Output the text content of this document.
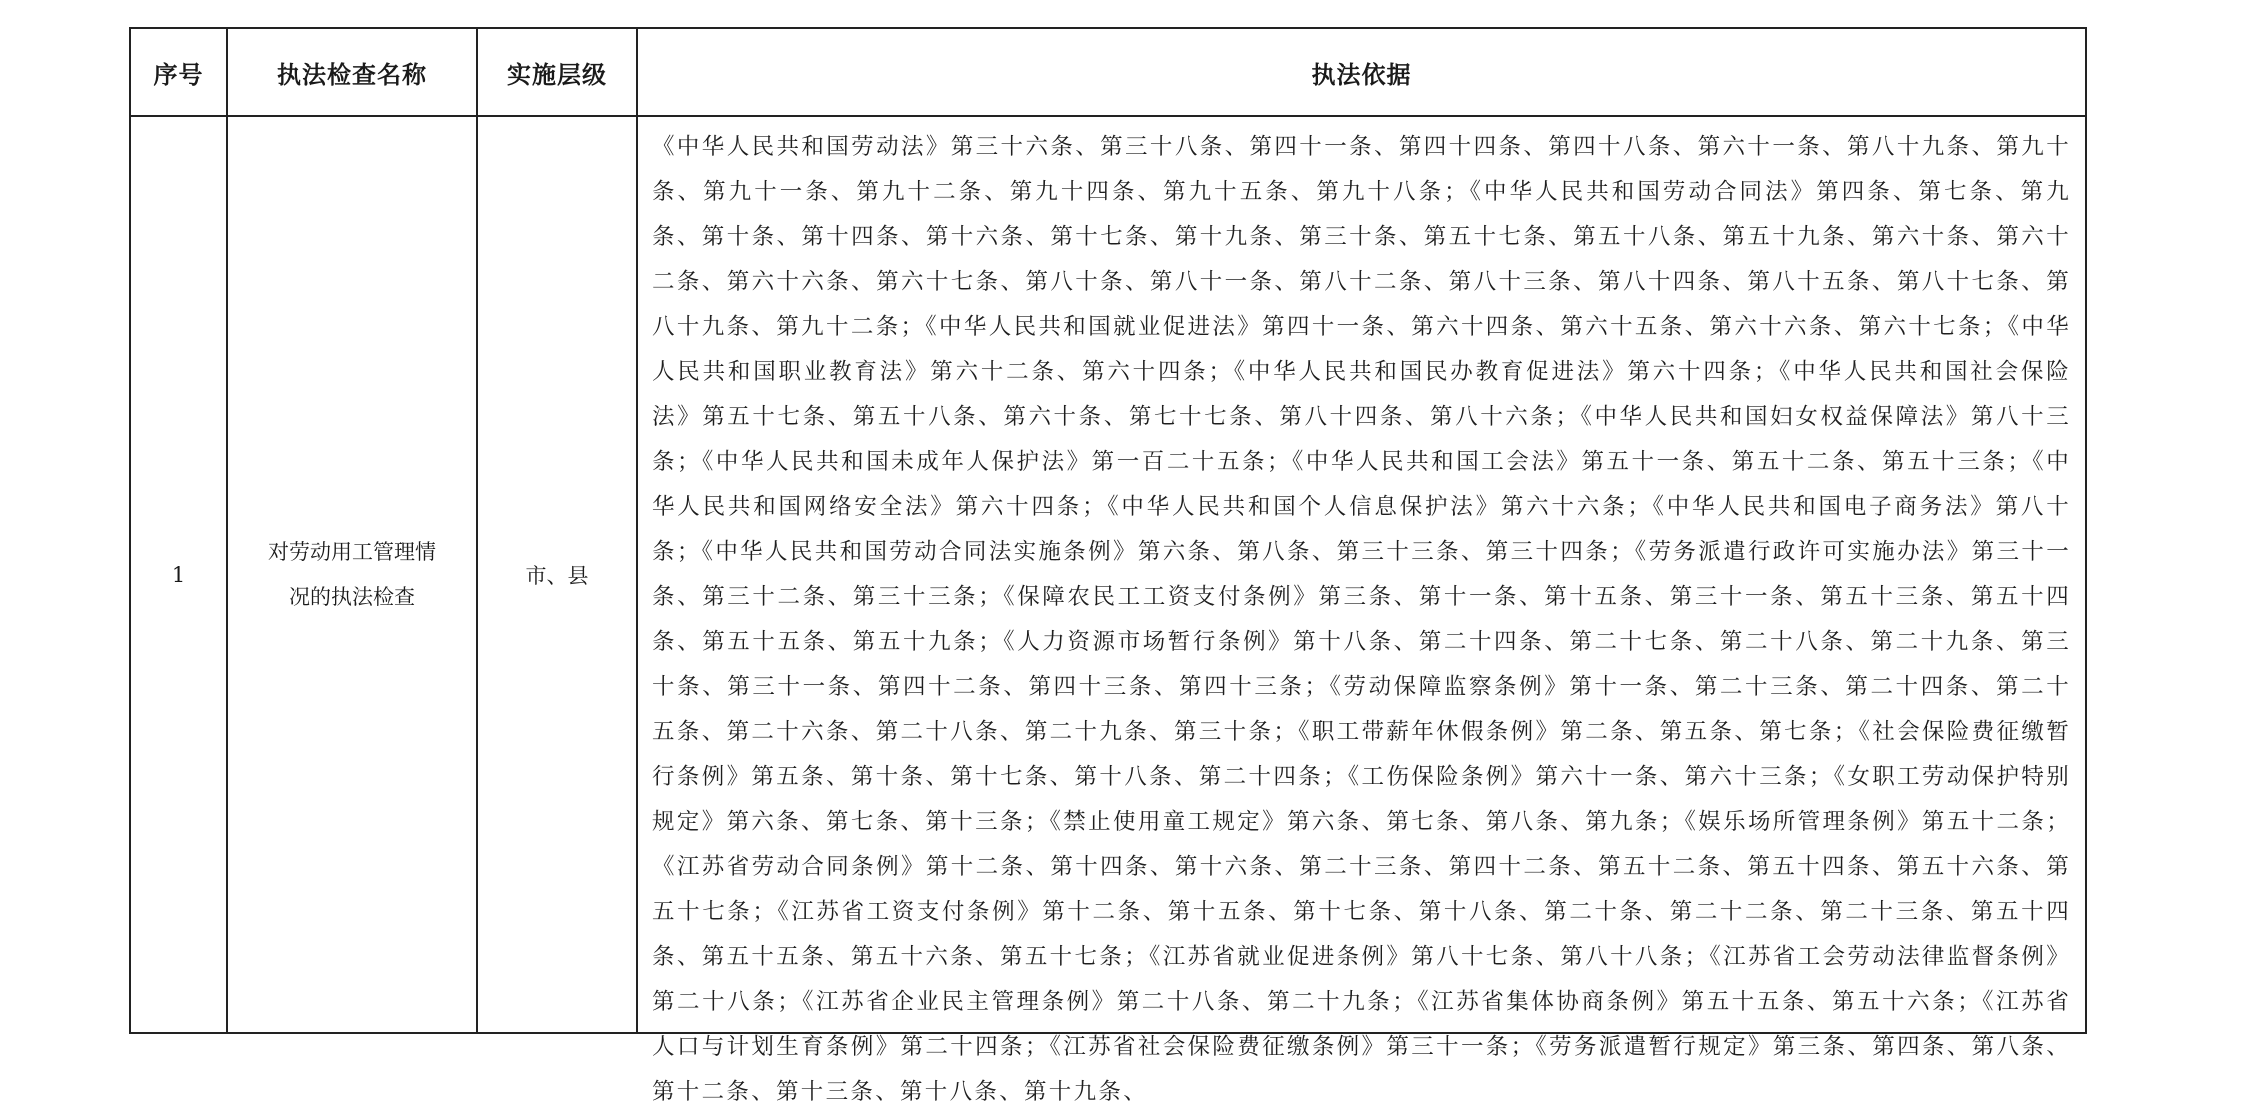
序号	执法检查名称	实施层级	执法依据
1	对劳动用工管理情况的执法检查	市、县	《中华人民共和国劳动法》第三十六条、第三十八条、第四十一条、第四十四条、第四十八条、第六十一条、第八十九条、第九十条、第九十一条、第九十二条、第九十四条、第九十五条、第九十八条；《中华人民共和国劳动合同法》第四条、第七条、第九条、第十条、第十四条、第十六条、第十七条、第十九条、第三十条、第五十七条、第五十八条、第五十九条、第六十条、第六十二条、第六十六条、第六十七条、第八十条、第八十一条、第八十二条、第八十三条、第八十四条、第八十五条、第八十七条、第八十九条、第九十二条；《中华人民共和国就业促进法》第四十一条、第六十四条、第六十五条、第六十六条、第六十七条；《中华人民共和国职业教育法》第六十二条、第六十四条；《中华人民共和国民办教育促进法》第六十四条；《中华人民共和国社会保险法》第五十七条、第五十八条、第六十条、第七十七条、第八十四条、第八十六条；《中华人民共和国妇女权益保障法》第八十三条；《中华人民共和国未成年人保护法》第一百二十五条；《中华人民共和国工会法》第五十一条、第五十二条、第五十三条；《中华人民共和国网络安全法》第六十四条；《中华人民共和国个人信息保护法》第六十六条；《中华人民共和国电子商务法》第八十条；《中华人民共和国劳动合同法实施条例》第六条、第八条、第三十三条、第三十四条；《劳务派遣行政许可实施办法》第三十一条、第三十二条、第三十三条；《保障农民工工资支付条例》第三条、第十一条、第十五条、第三十一条、第五十三条、第五十四条、第五十五条、第五十九条；《人力资源市场暂行条例》第十八条、第二十四条、第二十七条、第二十八条、第二十九条、第三十条、第三十一条、第四十二条、第四十三条、第四十三条；《劳动保障监察条例》第十一条、第二十三条、第二十四条、第二十五条、第二十六条、第二十八条、第二十九条、第三十条；《职工带薪年休假条例》第二条、第五条、第七条；《社会保险费征缴暂行条例》第五条、第十条、第十七条、第十八条、第二十四条；《工伤保险条例》第六十一条、第六十三条；《女职工劳动保护特别规定》第六条、第七条、第十三条；《禁止使用童工规定》第六条、第七条、第八条、第九条；《娱乐场所管理条例》第五十二条；《江苏省劳动合同条例》第十二条、第十四条、第十六条、第二十三条、第四十二条、第五十二条、第五十四条、第五十六条、第五十七条；《江苏省工资支付条例》第十二条、第十五条、第十七条、第十八条、第二十条、第二十二条、第二十三条、第五十四条、第五十五条、第五十六条、第五十七条；《江苏省就业促进条例》第八十七条、第八十八条；《江苏省工会劳动法律监督条例》第二十八条；《江苏省企业民主管理条例》第二十八条、第二十九条；《江苏省集体协商条例》第五十五条、第五十六条；《江苏省人口与计划生育条例》第二十四条；《江苏省社会保险费征缴条例》第三十一条；《劳务派遣暂行规定》第三条、第四条、第八条、第十二条、第十三条、第十八条、第十九条、
